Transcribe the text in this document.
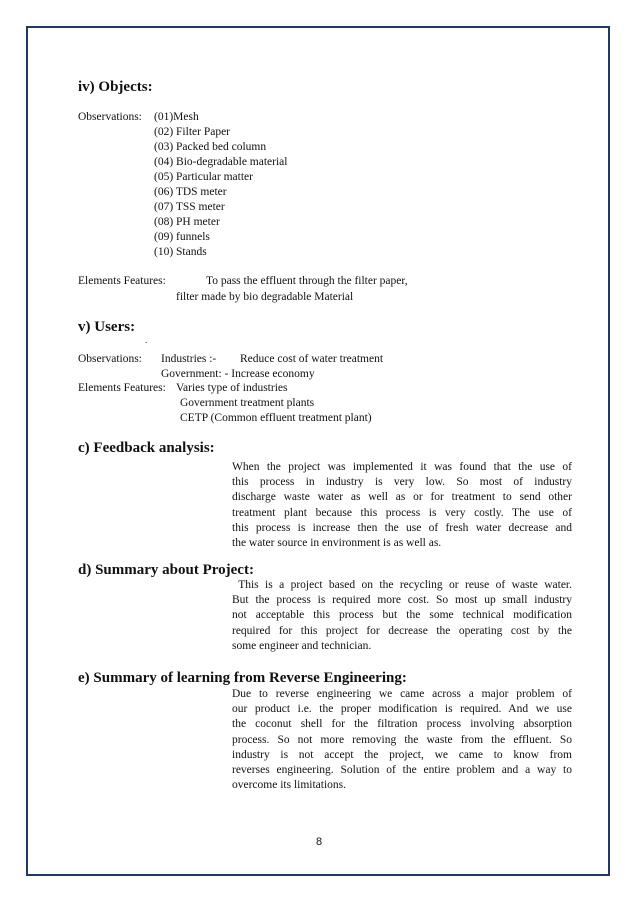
iv) Objects:
Observations: (01)Mesh
(02) Filter Paper
(03) Packed bed column
(04) Bio-degradable material
(05) Particular matter
(06) TDS meter
(07) TSS meter
(08) PH meter
(09) funnels
(10) Stands
Elements Features:	To pass the effluent through the filter paper,
filter made by bio degradable Material
v) Users:
.
Observations: Industries :- Reduce cost of water treatment
Government: - Increase economy
Elements Features: Varies type of industries
Government treatment plants
CETP (Common effluent treatment plant)
c) Feedback analysis:
When the project was implemented it was found that the use of
this process in industry is very low. So most of industry
discharge waste water as well as or for treatment to send other
treatment plant because this process is very costly. The use of
this process is increase then the use of fresh water decrease and
the water source in environment is as well as.
d) Summary about Project:
This is a project based on the recycling or reuse of waste water.
But the process is required more cost. So most up small industry
not acceptable this process but the some technical modification
required for this project for decrease the operating cost by the
some engineer and technician.
e) Summary of learning from Reverse Engineering:
Due to reverse engineering we came across a major problem of
our product i.e. the proper modification is required. And we use
the coconut shell for the filtration process involving absorption
process. So not more removing the waste from the effluent. So
industry is not accept the project, we came to know from
reverses engineering. Solution of the entire problem and a way to
overcome its limitations.
8
